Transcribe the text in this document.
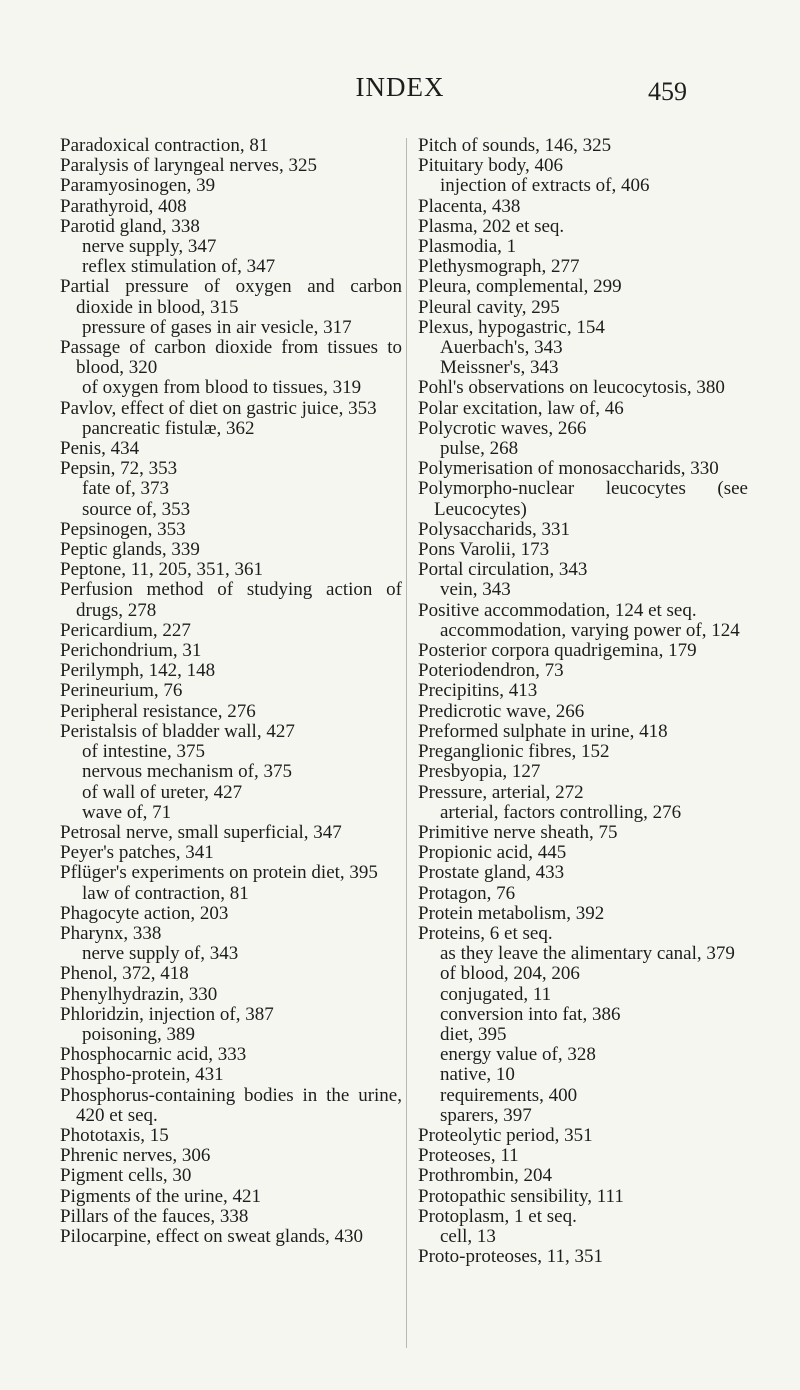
INDEX	459

Paradoxical contraction, 81

Paralysis of laryngeal nerves, 325

Paramyosinogen, 39

Parathyroid, 408

Parotid gland, 338

nerve supply, 347

reflex stimulation of, 347

Partial pressure of oxygen and carbon dioxide in blood, 315

pressure of gases in air vesicle, 317

Passage of carbon dioxide from tissues to blood, 320

of oxygen from blood to tissues, 319

Pavlov, effect of diet on gastric juice, 353

pancreatic fistulæ, 362

Penis, 434

Pepsin, 72, 353

fate of, 373

source of, 353

Pepsinogen, 353

Peptic glands, 339

Peptone, 11, 205, 351, 361

Perfusion method of studying action of drugs, 278

Pericardium, 227

Perichondrium, 31

Perilymph, 142, 148

Perineurium, 76

Peripheral resistance, 276

Peristalsis of bladder wall, 427

of intestine, 375

nervous mechanism of, 375

of wall of ureter, 427

wave of, 71

Petrosal nerve, small superficial, 347

Peyer's patches, 341

Pflüger's experiments on protein diet, 395

law of contraction, 81

Phagocyte action, 203

Pharynx, 338

nerve supply of, 343

Phenol, 372, 418

Phenylhydrazin, 330

Phloridzin, injection of, 387

poisoning, 389

Phosphocarnic acid, 333

Phospho-protein, 431

Phosphorus-containing bodies in the urine, 420 et seq.

Phototaxis, 15

Phrenic nerves, 306

Pigment cells, 30

Pigments of the urine, 421

Pillars of the fauces, 338

Pilocarpine, effect on sweat glands, 430

Pitch of sounds, 146, 325

Pituitary body, 406

injection of extracts of, 406

Placenta, 438

Plasma, 202 et seq.

Plasmodia, 1

Plethysmograph, 277

Pleura, complemental, 299

Pleural cavity, 295

Plexus, hypogastric, 154

Auerbach's, 343

Meissner's, 343

Pohl's observations on leucocytosis, 380

Polar excitation, law of, 46

Polycrotic waves, 266

pulse, 268

Polymerisation of monosaccharids, 330

Polymorpho-nuclear leucocytes (see Leucocytes)

Polysaccharids, 331

Pons Varolii, 173

Portal circulation, 343

vein, 343

Positive accommodation, 124 et seq.

accommodation, varying power of, 124

Posterior corpora quadrigemina, 179

Poteriodendron, 73

Precipitins, 413

Predicrotic wave, 266

Preformed sulphate in urine, 418

Preganglionic fibres, 152

Presbyopia, 127

Pressure, arterial, 272

arterial, factors controlling, 276

Primitive nerve sheath, 75

Propionic acid, 445

Prostate gland, 433

Protagon, 76

Protein metabolism, 392

Proteins, 6 et seq.

as they leave the alimentary canal, 379

of blood, 204, 206

conjugated, 11

conversion into fat, 386

diet, 395

energy value of, 328

native, 10

requirements, 400

sparers, 397

Proteolytic period, 351

Proteoses, 11

Prothrombin, 204

Protopathic sensibility, 111

Protoplasm, 1 et seq.

cell, 13

Proto-proteoses, 11, 351
